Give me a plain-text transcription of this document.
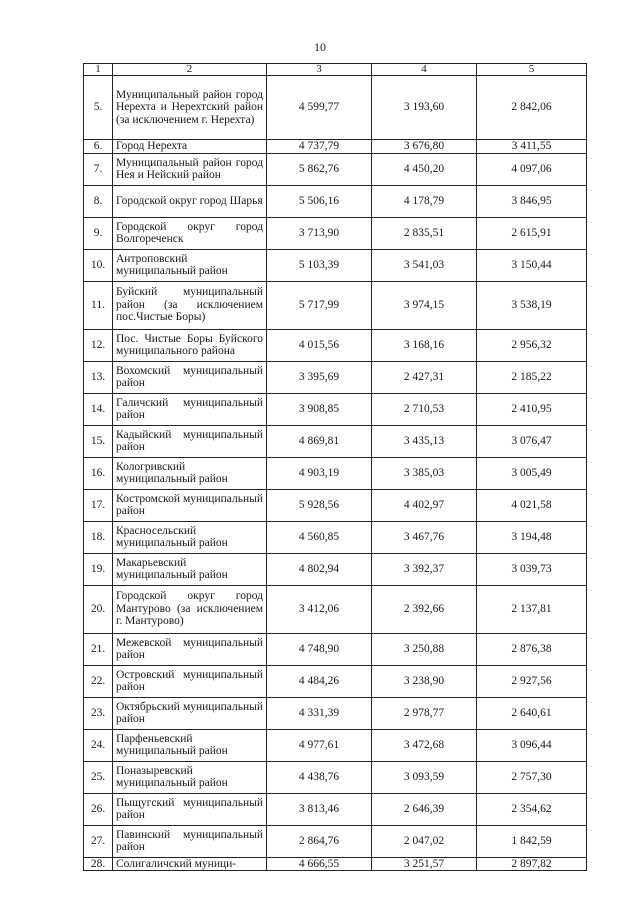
10
1	2	3	4	5
5.	Муниципальный район город Нерехта и Нерехтский район (за исключением г. Нерехта)	4 599,77	3 193,60	2 842,06
6.	Город Нерехта	4 737,79	3 676,80	3 411,55
7.	Муниципальный район город Нея и Нейский район	5 862,76	4 450,20	4 097,06
8.	Городской округ город Шарья	5 506,16	4 178,79	3 846,95
9.	Городской округ город Волгореченск	3 713,90	2 835,51	2 615,91
10.	Антроповский муниципальный район	5 103,39	3 541,03	3 150,44
11.	Буйский муниципальный район (за исключением пос.Чистые Боры)	5 717,99	3 974,15	3 538,19
12.	Пос. Чистые Боры Буйского муниципального района	4 015,56	3 168,16	2 956,32
13.	Вохомский муниципальный район	3 395,69	2 427,31	2 185,22
14.	Галичский муниципальный район	3 908,85	2 710,53	2 410,95
15.	Кадыйский муниципальный район	4 869,81	3 435,13	3 076,47
16.	Кологривский муниципальный район	4 903,19	3 385,03	3 005,49
17.	Костромской муниципальный район	5 928,56	4 402,97	4 021,58
18.	Красносельский муниципальный район	4 560,85	3 467,76	3 194,48
19.	Макарьевский муниципальный район	4 802,94	3 392,37	3 039,73
20.	Городской округ город Мантурово (за исключением г. Мантурово)	3 412,06	2 392,66	2 137,81
21.	Межевской муниципальный район	4 748,90	3 250,88	2 876,38
22.	Островский муниципальный район	4 484,26	3 238,90	2 927,56
23.	Октябрьский муниципальный район	4 331,39	2 978,77	2 640,61
24.	Парфеньевский муниципальный район	4 977,61	3 472,68	3 096,44
25.	Поназыревский муниципальный район	4 438,76	3 093,59	2 757,30
26.	Пыщугский муниципальный район	3 813,46	2 646,39	2 354,62
27.	Павинский муниципальный район	2 864,76	2 047,02	1 842,59
28.	Солигаличский муници-	4 666,55	3 251,57	2 897,82
